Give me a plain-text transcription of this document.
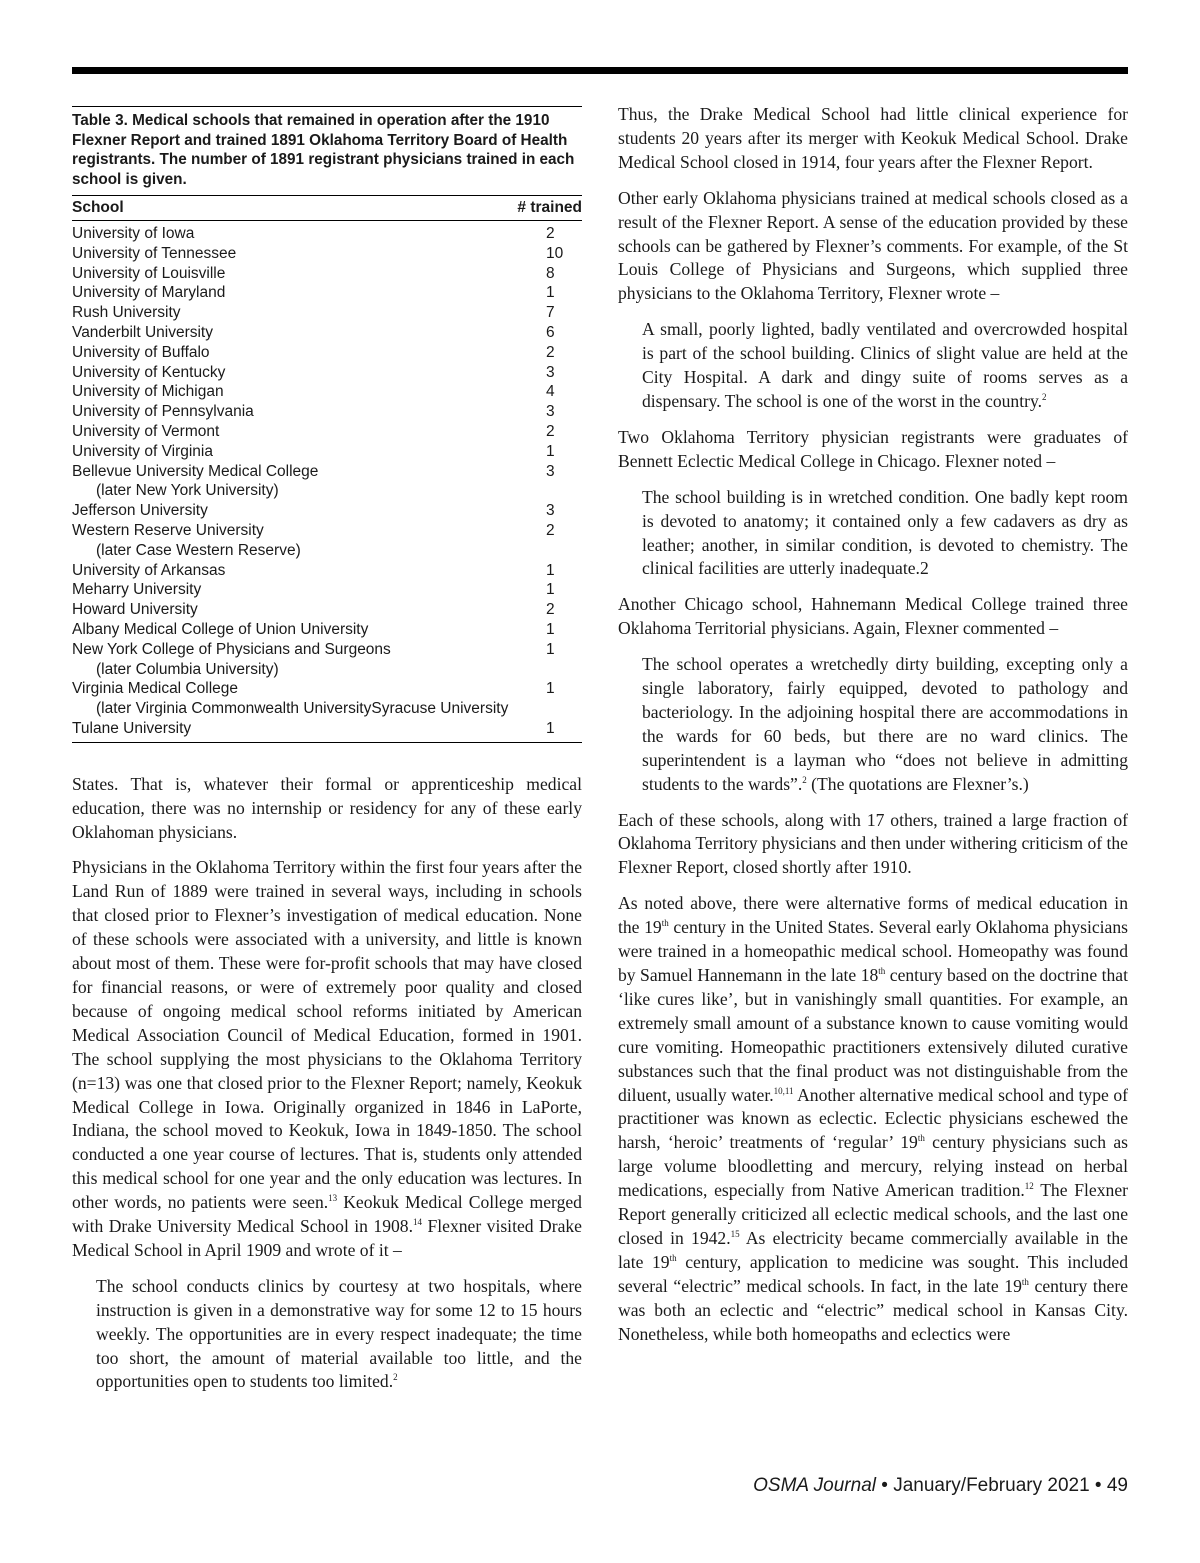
Table 3. Medical schools that remained in operation after the 1910 Flexner Report and trained 1891 Oklahoma Territory Board of Health registrants. The number of 1891 registrant physicians trained in each school is given.

School	# trained
University of Iowa	2
University of Tennessee	10
University of Louisville	8
University of Maryland	1
Rush University	7
Vanderbilt University	6
University of Buffalo	2
University of Kentucky	3
University of Michigan	4
University of Pennsylvania	3
University of Vermont	2
University of Virginia	1
Bellevue University Medical College	3
(later New York University)
Jefferson University	3
Western Reserve University	2
(later Case Western Reserve)
University of Arkansas	1
Meharry University	1
Howard University	2
Albany Medical College of Union University	1
New York College of Physicians and Surgeons	1
(later Columbia University)
Virginia Medical College	1
(later Virginia Commonwealth UniversitySyracuse University
Tulane University	1

States. That is, whatever their formal or apprenticeship medical education, there was no internship or residency for any of these early Oklahoman physicians.

Physicians in the Oklahoma Territory within the first four years after the Land Run of 1889 were trained in several ways, including in schools that closed prior to Flexner’s investigation of medical education. None of these schools were associated with a university, and little is known about most of them. These were for-profit schools that may have closed for financial reasons, or were of extremely poor quality and closed because of ongoing medical school reforms initiated by American Medical Association Council of Medical Education, formed in 1901. The school supplying the most physicians to the Oklahoma Territory (n=13) was one that closed prior to the Flexner Report; namely, Keokuk Medical College in Iowa. Originally organized in 1846 in LaPorte, Indiana, the school moved to Keokuk, Iowa in 1849-1850. The school conducted a one year course of lectures. That is, students only attended this medical school for one year and the only education was lectures. In other words, no patients were seen.$^{13}$ Keokuk Medical College merged with Drake University Medical School in 1908.14 Flexner visited Drake Medical School in April 1909 and wrote of it –

The school conducts clinics by courtesy at two hospitals, where instruction is given in a demonstrative way for some 12 to 15 hours weekly. The opportunities are in every respect inadequate; the time too short, the amount of material available too little, and the opportunities open to students too limited.$^2$

Thus, the Drake Medical School had little clinical experience for students 20 years after its merger with Keokuk Medical School. Drake Medical School closed in 1914, four years after the Flexner Report.

Other early Oklahoma physicians trained at medical schools closed as a result of the Flexner Report. A sense of the education provided by these schools can be gathered by Flexner’s comments. For example, of the St Louis College of Physicians and Surgeons, which supplied three physicians to the Oklahoma Territory, Flexner wrote –

A small, poorly lighted, badly ventilated and overcrowded hospital is part of the school building. Clinics of slight value are held at the City Hospital. A dark and dingy suite of rooms serves as a dispensary. The school is one of the worst in the country.$^2$

Two Oklahoma Territory physician registrants were graduates of Bennett Eclectic Medical College in Chicago. Flexner noted –

The school building is in wretched condition. One badly kept room is devoted to anatomy; it contained only a few cadavers as dry as leather; another, in similar condition, is devoted to chemistry. The clinical facilities are utterly inadequate.2

Another Chicago school, Hahnemann Medical College trained three Oklahoma Territorial physicians. Again, Flexner commented –

The school operates a wretchedly dirty building, excepting only a single laboratory, fairly equipped, devoted to pathology and bacteriology. In the adjoining hospital there are accommodations in the wards for 60 beds, but there are no ward clinics. The superintendent is a layman who “does not believe in admitting students to the wards”.$^2$ (The quotations are Flexner’s.)

Each of these schools, along with 17 others, trained a large fraction of Oklahoma Territory physicians and then under withering criticism of the Flexner Report, closed shortly after 1910.

As noted above, there were alternative forms of medical education in the 19th century in the United States. Several early Oklahoma physicians were trained in a homeopathic medical school. Homeopathy was found by Samuel Hannemann in the late 18th century based on the doctrine that ‘like cures like’, but in vanishingly small quantities. For example, an extremely small amount of a substance known to cause vomiting would cure vomiting. Homeopathic practitioners extensively diluted curative substances such that the final product was not distinguishable from the diluent, usually water.$^{10,11}$ Another alternative medical school and type of practitioner was known as eclectic. Eclectic physicians eschewed the harsh, ‘heroic’ treatments of ‘regular’ 19th century physicians such as large volume bloodletting and mercury, relying instead on herbal medications, especially from Native American tradition.$^{12}$ The Flexner Report generally criticized all eclectic medical schools, and the last one closed in 1942.15 As electricity became commercially available in the late 19th century, application to medicine was sought. This included several “electric” medical schools. In fact, in the late 19th century there was both an eclectic and “electric” medical school in Kansas City. Nonetheless, while both homeopaths and eclectics were

OSMA Journal • January/February 2021 • 49
